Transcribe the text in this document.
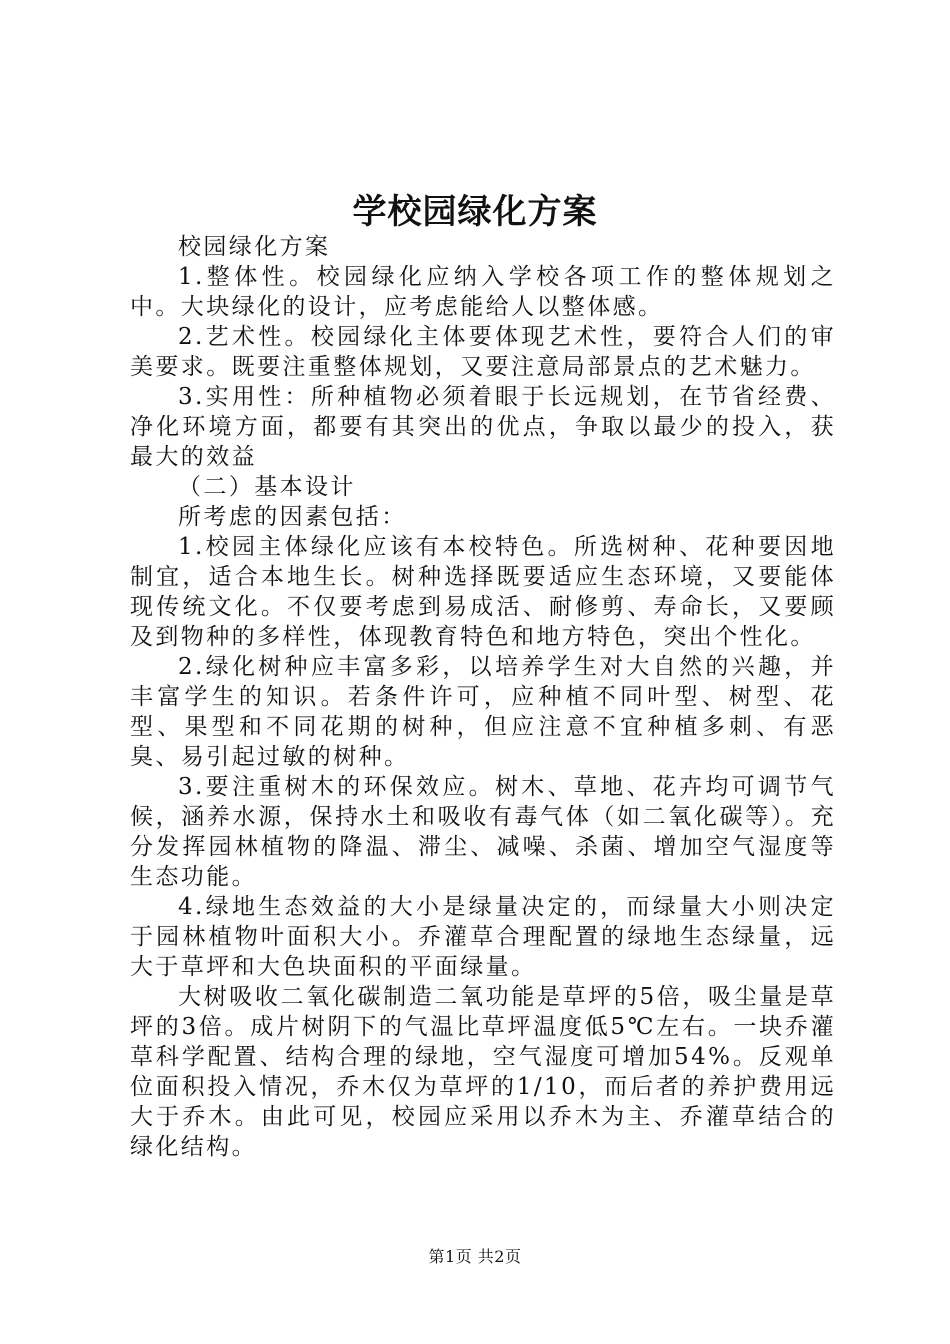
学校园绿化方案

校园绿化方案

1.整体性。校园绿化应纳入学校各项工作的整体规划之中。大块绿化的设计，应考虑能给人以整体感。

2.艺术性。校园绿化主体要体现艺术性，要符合人们的审美要求。既要注重整体规划，又要注意局部景点的艺术魅力。

3.实用性：所种植物必须着眼于长远规划，在节省经费、净化环境方面，都要有其突出的优点，争取以最少的投入，获最大的效益

（二）基本设计

所考虑的因素包括：

1.校园主体绿化应该有本校特色。所选树种、花种要因地制宜，适合本地生长。树种选择既要适应生态环境，又要能体现传统文化。不仅要考虑到易成活、耐修剪、寿命长，又要顾及到物种的多样性，体现教育特色和地方特色，突出个性化。

2.绿化树种应丰富多彩，以培养学生对大自然的兴趣，并丰富学生的知识。若条件许可，应种植不同叶型、树型、花型、果型和不同花期的树种，但应注意不宜种植多刺、有恶臭、易引起过敏的树种。

3.要注重树木的环保效应。树木、草地、花卉均可调节气候，涵养水源，保持水土和吸收有毒气体（如二氧化碳等）。充分发挥园林植物的降温、滞尘、减噪、杀菌、增加空气湿度等生态功能。

4.绿地生态效益的大小是绿量决定的，而绿量大小则决定于园林植物叶面积大小。乔灌草合理配置的绿地生态绿量，远大于草坪和大色块面积的平面绿量。

大树吸收二氧化碳制造二氧功能是草坪的5倍，吸尘量是草坪的3倍。成片树阴下的气温比草坪温度低5℃左右。一块乔灌草科学配置、结构合理的绿地，空气湿度可增加54%。反观单位面积投入情况，乔木仅为草坪的1/10，而后者的养护费用远大于乔木。由此可见，校园应采用以乔木为主、乔灌草结合的绿化结构。

第1页 共2页
